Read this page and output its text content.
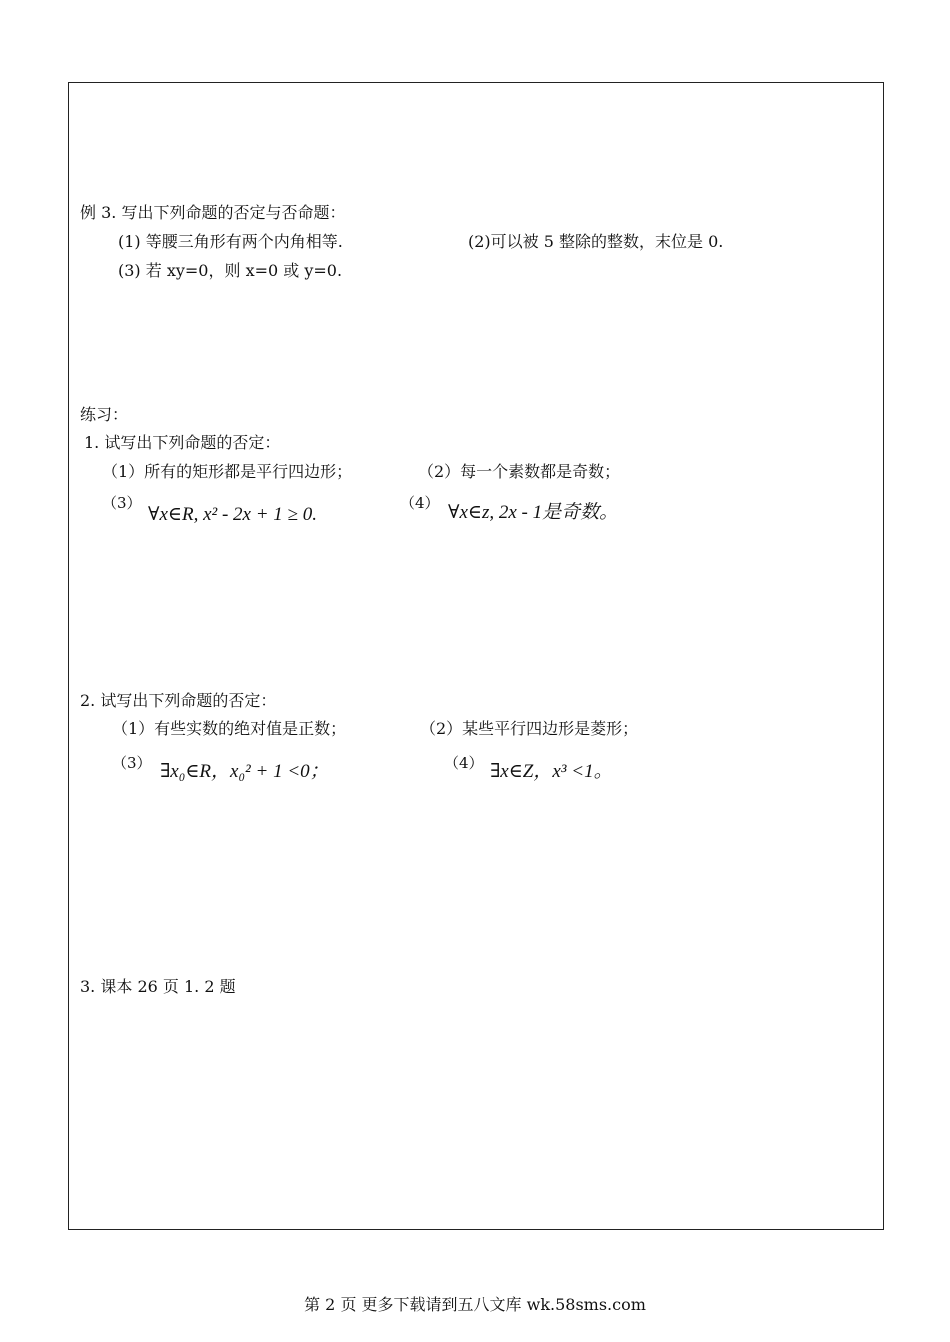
例 3. 写出下列命题的否定与否命题：
(1) 等腰三角形有两个内角相等.	(2)可以被 5 整除的整数，末位是 0.
(3) 若 xy=0，则 x=0 或 y=0.
练习：
1. 试写出下列命题的否定：
（1）所有的矩形都是平行四边形；	（2）每一个素数都是奇数；
（3）
∀x∈R, x² - 2x + 1 ≥ 0.
（4） ∀x∈z, 2x - 1是奇数。
2. 试写出下列命题的否定：
（1）有些实数的绝对值是正数；	（2）某些平行四边形是菱形；
（3） ∃x₀∈R，x₀² + 1 <0；	（4） ∃x∈Z，x³ <1。
3. 课本 26 页 1. 2 题
第 2 页 更多下载请到五八文库 wk.58sms.com
